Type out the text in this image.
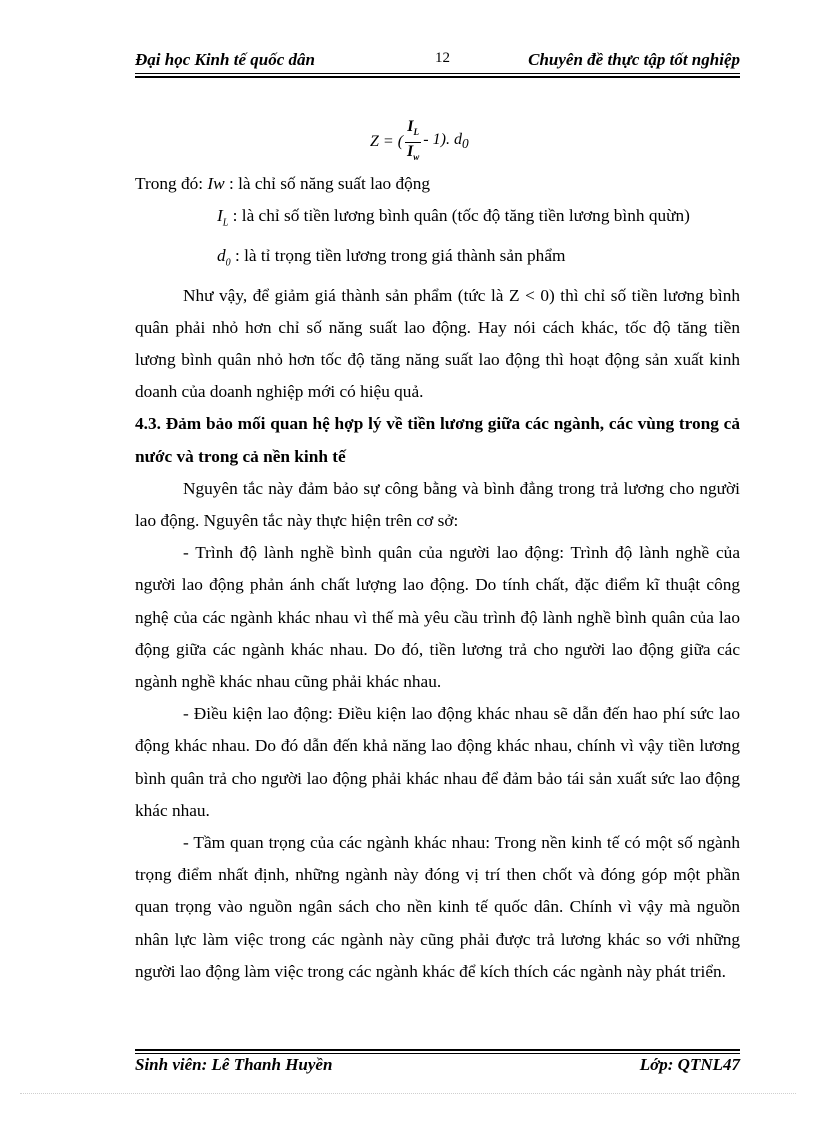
Đại học Kinh tế quốc dân	12	Chuyên đề thực tập tốt nghiệp
Z = ( $\frac{I_L}{I_w} - 1$). $d_0$

Trong đó: Iw : là chỉ số năng suất lao động

$I_L$ : là chỉ số tiền lương bình quân (tốc độ tăng tiền lương bình quừn)

$d_0$ : là tỉ trọng tiền lương trong giá thành sản phẩm

Như vậy, để giảm giá thành sản phẩm (tức là Z < 0) thì chỉ số tiền lương bình quân phải nhỏ hơn chỉ số năng suất lao động. Hay nói cách khác, tốc độ tăng tiền lương bình quân nhỏ hơn tốc độ tăng năng suất lao động thì hoạt động sản xuất kinh doanh của doanh nghiệp mới có hiệu quả.

4.3. Đảm bảo mối quan hệ hợp lý về tiền lương giữa các ngành, các vùng trong cả nước và trong cả nền kinh tế

Nguyên tắc này đảm bảo sự công bằng và bình đẳng trong trả lương cho người lao động. Nguyên tắc này thực hiện trên cơ sở:

- Trình độ lành nghề bình quân của người lao động: Trình độ lành nghề của người lao động phản ánh chất lượng lao động. Do tính chất, đặc điểm kĩ thuật công nghệ của các ngành khác nhau vì thế mà yêu cầu trình độ lành nghề bình quân của lao động giữa các ngành khác nhau. Do đó, tiền lương trả cho người lao động giữa các ngành nghề khác nhau cũng phải khác nhau.

- Điều kiện lao động: Điều kiện lao động khác nhau sẽ dẫn đến hao phí sức lao động khác nhau. Do đó dẫn đến khả năng lao động khác nhau, chính vì vậy tiền lương bình quân trả cho người lao động phải khác nhau để đảm bảo tái sản xuất sức lao động khác nhau.

- Tầm quan trọng của các ngành khác nhau: Trong nền kinh tế có một số ngành trọng điểm nhất định, những ngành này đóng vị trí then chốt và đóng góp một phần quan trọng vào nguồn ngân sách cho nền kinh tế quốc dân. Chính vì vậy mà nguồn nhân lực làm việc trong các ngành này cũng phải được trả lương khác so với những người lao động làm việc trong các ngành khác để kích thích các ngành này phát triển.

Sinh viên: Lê Thanh Huyền	Lớp: QTNL47
